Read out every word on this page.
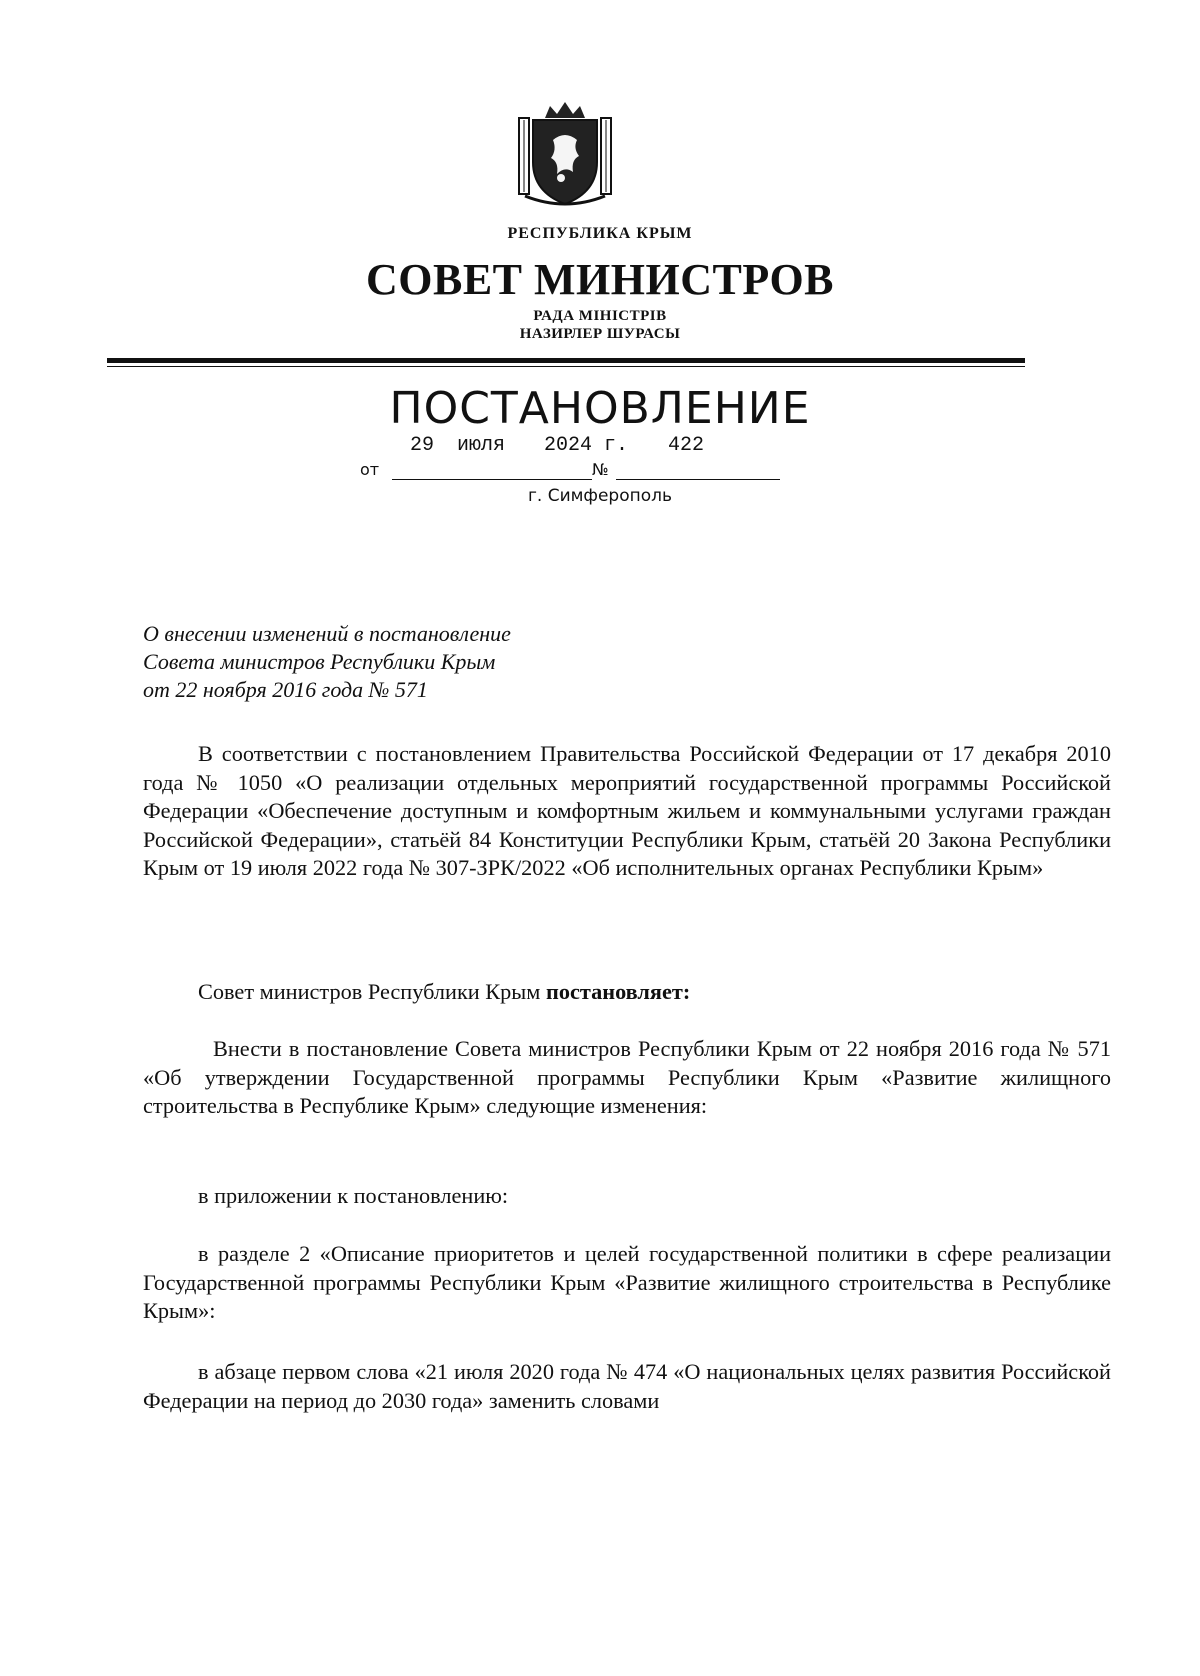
РЕСПУБЛИКА КРЫМ
СОВЕТ МИНИСТРОВ
РАДА МІНІСТРІВ
НАЗИРЛЕР ШУРАСЫ
ПОСТАНОВЛЕНИЕ
29 июля 2024 г. 422
от	№
г. Симферополь
О внесении изменений в постановление
Совета министров Республики Крым
от 22 ноября 2016 года № 571
В соответствии с постановлением Правительства Российской Федерации от 17 декабря 2010 года № 1050 «О реализации отдельных мероприятий государственной программы Российской Федерации «Обеспечение доступным и комфортным жильем и коммунальными услугами граждан Российской Федерации», статьёй 84 Конституции Республики Крым, статьёй 20 Закона Республики Крым от 19 июля 2022 года № 307-ЗРК/2022 «Об исполнительных органах Республики Крым»
Совет министров Республики Крым постановляет:
Внести в постановление Совета министров Республики Крым от 22 ноября 2016 года № 571 «Об утверждении Государственной программы Республики Крым «Развитие жилищного строительства в Республике Крым» следующие изменения:
в приложении к постановлению:
в разделе 2 «Описание приоритетов и целей государственной политики в сфере реализации Государственной программы Республики Крым «Развитие жилищного строительства в Республике Крым»:
в абзаце первом слова «21 июля 2020 года № 474 «О национальных целях развития Российской Федерации на период до 2030 года» заменить словами
